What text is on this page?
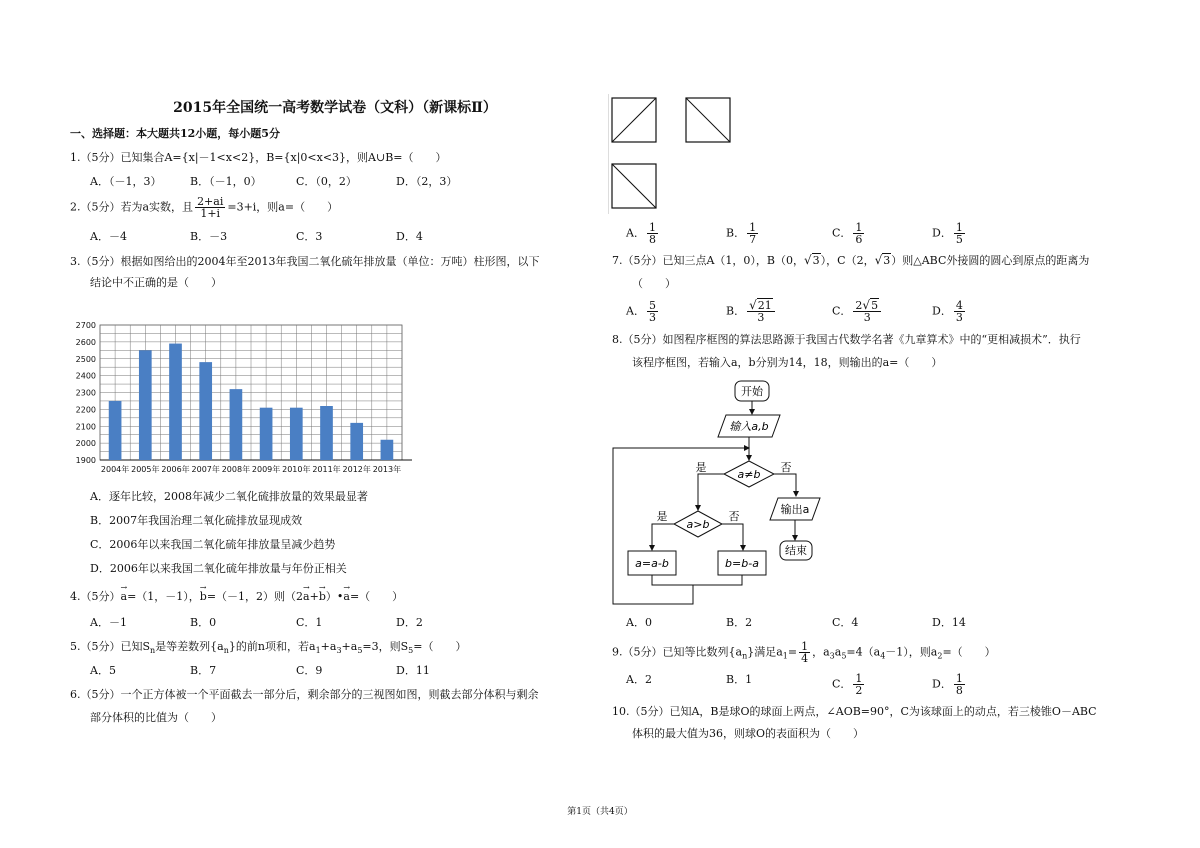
2015年全国统一高考数学试卷（文科）（新课标Ⅱ）
一、选择题：本大题共12小题，每小题5分
1.（5分）已知集合A={x|－1<x<2}，B={x|0<x<3}，则A∪B=（　　）
A．（－1，3）	B．（－1，0）	C．（0，2）	D．（2，3）
2.（5分）若为a实数，且 $\frac{2+ai}{1+i} =3+i$，则a=（　　）
A．－4	B．－3	C．3	D．4
3.（5分）根据如图给出的2004年至2013年我国二氧化硫年排放量（单位：万吨）柱形图，以下
结论中不正确的是（　　）
1900
2000
2100
2200
2300
2400
2500
2600
2700
2004年 2005年 2006年 2007年 2008年 2009年 2010年 2011年 2012年 2013年
A．逐年比较，2008年减少二氧化硫排放量的效果最显著
B．2007年我国治理二氧化硫排放显现成效
C．2006年以来我国二氧化硫年排放量呈减少趋势
D．2006年以来我国二氧化硫年排放量与年份正相关
4.（5分）→ a=（1，－1），→ b=（－1，2）则（2→ a+→ b）•→ a=（　　）
A．－1	B．0	C．1	D．2
5.（5分）已知$S_n$是等差数列$\{a_n\}$的前n项和，若$a_1+a_3+a_5=3$，则$S_5=$（　　）
A．5	B．7	C．9	D．11
6.（5分）一个正方体被一个平面截去一部分后，剩余部分的三视图如图，则截去部分体积与剩余
部分体积的比值为（　　）
A． $\frac{1}{8}$	B． $\frac{1}{7}$	C． $\frac{1}{6}$	D． $\frac{1}{5}$
7.（5分）已知三点A（1，0），B（0，√3），C（2，√3）则△ABC外接圆的圆心到原点的距离为
（　　）
A． $\frac{5}{3}$	B． $\frac{√21}{3}$	C． $\frac{2√5}{3}$	D． $\frac{4}{3}$
8.（5分）如图程序框图的算法思路源于我国古代数学名著《九章算术》中的“更相减损术”．执行
该程序框图，若输入a，b分别为14，18，则输出的a=（　　）
开始
输入a,b
a≠b
是	否
输出a
结束
a>b
是	否
a=a-b	b=b-a
A．0	B．2	C．4	D．14
9.（5分）已知等比数列$\{a_n\}$满足$a_1= \frac{1}{4}$ ，$a_3a_5=4(a_4-1)$，则$a_2=$（　　）
A．2	B．1	C． $\frac{1}{2}$	D． $\frac{1}{8}$
10.（5分）已知A，B是球O的球面上两点，∠AOB=90°，C为该球面上的动点，若三棱锥O－ABC
体积的最大值为36，则球O的表面积为（　　）
第1页（共4页）
